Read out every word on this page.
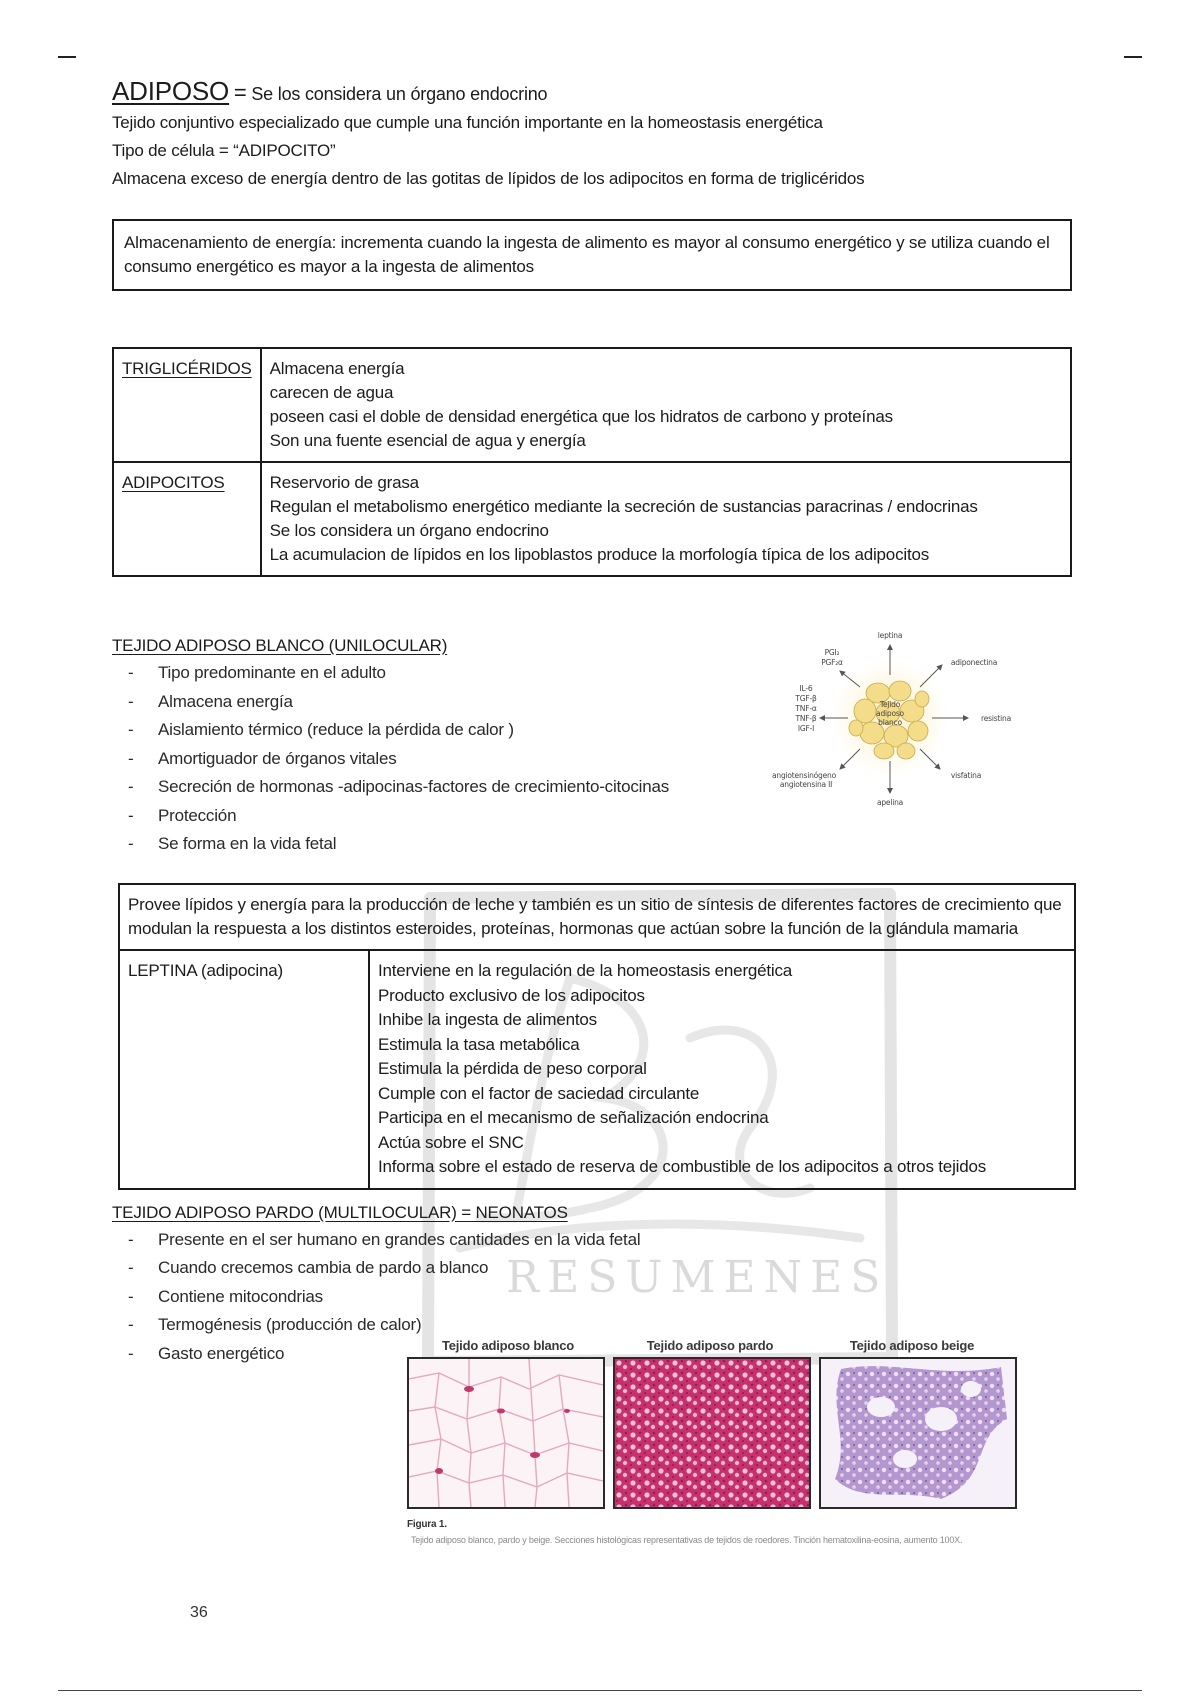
RESUMENES
ADIPOSO = Se los considera un órgano endocrino
Tejido conjuntivo especializado que cumple una función importante en la homeostasis energética
Tipo de célula = “ADIPOCITO”
Almacena exceso de energía dentro de las gotitas de lípidos de los adipocitos en forma de triglicéridos
Almacenamiento de energía: incrementa cuando la ingesta de alimento es mayor al consumo energético y se utiliza cuando el consumo energético es mayor a la ingesta de alimentos
TRIGLICÉRIDOS	Almacena energía
carecen de agua
poseen casi el doble de densidad energética que los hidratos de carbono y proteínas
Son una fuente esencial de agua y energía

ADIPOCITOS	Reservorio de grasa
Regulan el metabolismo energético mediante la secreción de sustancias paracrinas / endocrinas
Se los considera un órgano endocrino
La acumulacion de lípidos en los lipoblastos produce la morfología típica de los adipocitos
TEJIDO ADIPOSO BLANCO (UNILOCULAR)
- Tipo predominante en el adulto
- Almacena energía
- Aislamiento térmico (reduce la pérdida de calor )
- Amortiguador de órganos vitales
- Secreción de hormonas -adipocinas-factores de crecimiento-citocinas
- Protección
- Se forma en la vida fetal
Tejido
adiposo
blanco
leptina
adiponectina
resistina
visfatina
apelina
angiotensinógeno
angiotensina II
IL-6
TGF-β
TNF-α
TNF-β
IGF-I
PGI₂
PGF₂α
Provee lípidos y energía para la producción de leche y también es un sitio de síntesis de diferentes factores de crecimiento que modulan la respuesta a los distintos esteroides, proteínas, hormonas que actúan sobre la función de la glándula mamaria
LEPTINA (adipocina)	Interviene en la regulación de la homeostasis energética
Producto exclusivo de los adipocitos
Inhibe la ingesta de alimentos
Estimula la tasa metabólica
Estimula la pérdida de peso corporal
Cumple con el factor de saciedad circulante
Participa en el mecanismo de señalización endocrina
Actúa sobre el SNC
Informa sobre el estado de reserva de combustible de los adipocitos a otros tejidos
TEJIDO ADIPOSO PARDO (MULTILOCULAR) = NEONATOS
- Presente en el ser humano en grandes cantidades en la vida fetal
- Cuando crecemos cambia de pardo a blanco
- Contiene mitocondrias
- Termogénesis (producción de calor)
- Gasto energético	Tejido adiposo blanco	Tejido adiposo pardo	Tejido adiposo beige
Figura 1.
Tejido adiposo blanco, pardo y beige. Secciones histológicas representativas de tejidos de roedores. Tinción hematoxilina-eosina, aumento 100X.
36
